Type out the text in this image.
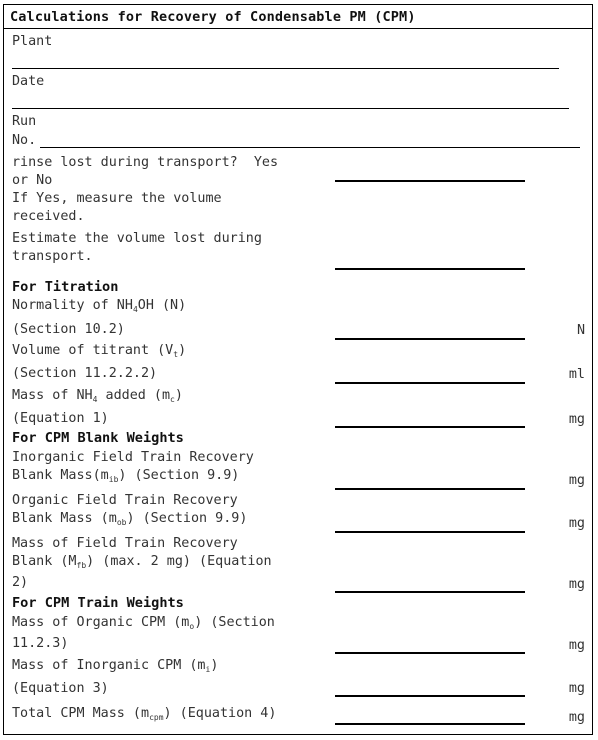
Calculations for Recovery of Condensable PM (CPM)
Plant
Date
Run
No.
rinse lost during transport?  Yes
or No
If Yes, measure the volume
received.
Estimate the volume lost during
transport.
For Titration
Normality of $NH_4OH$ (N)
(Section 10.2)	N
Volume of titrant $(V_t)$
(Section 11.2.2.2)	ml
Mass of $NH_4$ added $(m_c)$
(Equation 1)	mg
For CPM Blank Weights
Inorganic Field Train Recovery
Blank $Mass(m_{ib})$ (Section 9.9)	mg
Organic Field Train Recovery
Blank Mass $(m_{ob})$ (Section 9.9)	mg
Mass of Field Train Recovery
Blank $(M_{fb})$ (max. 2 mg) (Equation
2)	mg
For CPM Train Weights
Mass of Organic CPM $(m_o)$ (Section
11.2.3)	mg
Mass of Inorganic CPM $(m_i)$
(Equation 3)	mg
Total CPM Mass $(m_{cpm})$ (Equation 4)	mg
